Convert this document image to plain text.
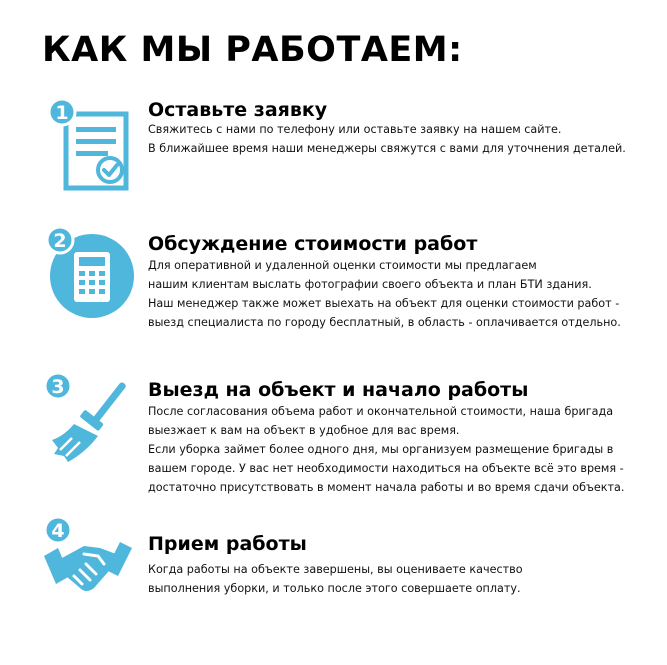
КАК МЫ РАБОТАЕМ:
1	Оставьте заявку

Свяжитесь с нами по телефону или оставьте заявку на нашем сайте.

В ближайшее время наши менеджеры свяжутся с вами для уточнения деталей.

2	Обсуждение стоимости работ

Для оперативной и удаленной оценки стоимости мы предлагаем

нашим клиентам выслать фотографии своего объекта и план БТИ здания.

Наш менеджер также может выехать на объект для оценки стоимости работ -

выезд специалиста по городу бесплатный, в область - оплачивается отдельно.

3	Выезд на объект и начало работы

После согласования объема работ и окончательной стоимости, наша бригада

выезжает к вам на объект в удобное для вас время.

Если уборка займет более одного дня, мы организуем размещение бригады в

вашем городе. У вас нет необходимости находиться на объекте всё это время -

достаточно присутствовать в момент начала работы и во время сдачи объекта.

4

Прием работы

Когда работы на объекте завершены, вы оцениваете качество

выполнения уборки, и только после этого совершаете оплату.
